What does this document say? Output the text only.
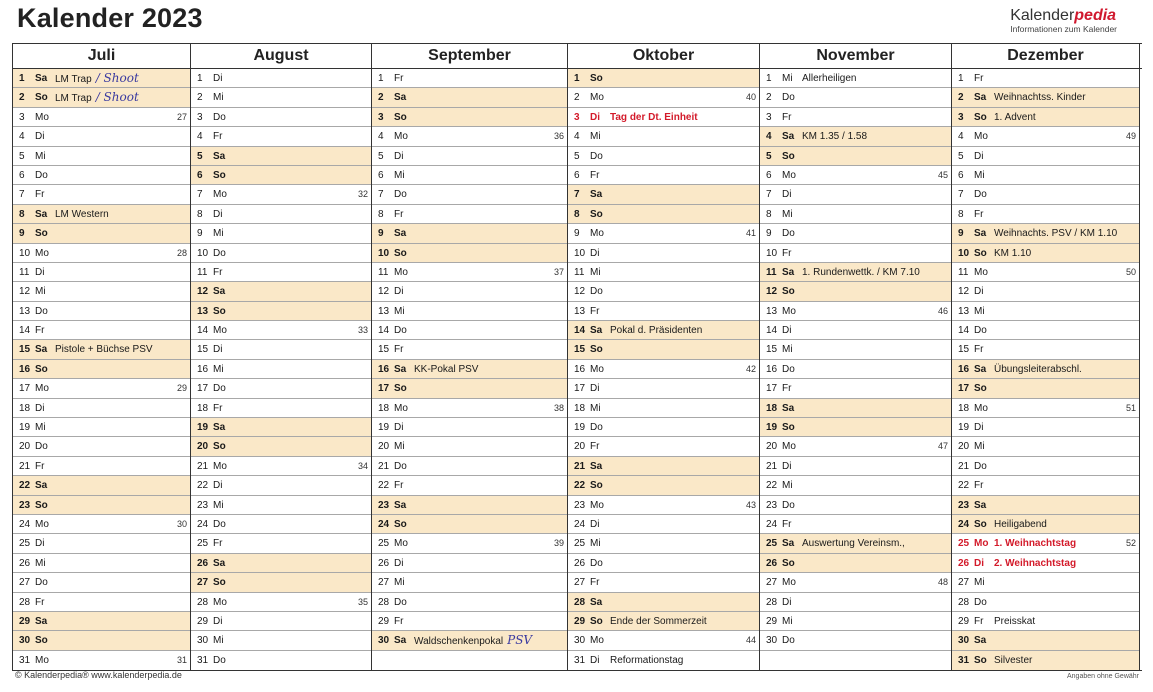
Kalender 2023	Kalenderpedia
Informationen zum Kalender
Juli	August	September	Oktober	November	Dezember
1 Sa LM Trap / Shoot
2 So LM Trap / Shoot
3 Mo	27
4 Di
5 Mi
6 Do
7 Fr
8 Sa LM Western
9 So
10 Mo	28
11 Di
12 Mi
13 Do
14 Fr
15 Sa Pistole + Büchse PSV
16 So
17 Mo	29
18 Di
19 Mi
20 Do
21 Fr
22 Sa
23 So
24 Mo	30
25 Di
26 Mi
27 Do
28 Fr
29 Sa
30 So
31 Mo	31
1 Di
2 Mi
3 Do
4 Fr
5 Sa
6 So
7 Mo	32
8 Di
9 Mi
10 Do
11 Fr
12 Sa
13 So
14 Mo	33
15 Di
16 Mi
17 Do
18 Fr
19 Sa
20 So
21 Mo	34
22 Di
23 Mi
24 Do
25 Fr
26 Sa
27 So
28 Mo	35
29 Di
30 Mi
31 Do
1 Fr
2 Sa
3 So
4 Mo	36
5 Di
6 Mi
7 Do
8 Fr
9 Sa
10 So
11 Mo	37
12 Di
13 Mi
14 Do
15 Fr
16 Sa KK-Pokal PSV
17 So
18 Mo	38
19 Di
20 Mi
21 Do
22 Fr
23 Sa
24 So
25 Mo	39
26 Di
27 Mi
28 Do
29 Fr
30 Sa Waldschenkenpokal PSV
1 So
2 Mo	40
3 Di Tag der Dt. Einheit
4 Mi
5 Do
6 Fr
7 Sa
8 So
9 Mo	41
10 Di
11 Mi
12 Do
13 Fr
14 Sa Pokal d. Präsidenten
15 So
16 Mo	42
17 Di
18 Mi
19 Do
20 Fr
21 Sa
22 So
23 Mo	43
24 Di
25 Mi
26 Do
27 Fr
28 Sa
29 So Ende der Sommerzeit
30 Mo	44
31 Di Reformationstag
1 Mi Allerheiligen
2 Do
3 Fr
4 Sa KM 1.35 / 1.58
5 So
6 Mo	45
7 Di
8 Mi
9 Do
10 Fr
11 Sa 1. Rundenwettk. / KM 7.10
12 So
13 Mo	46
14 Di
15 Mi
16 Do
17 Fr
18 Sa
19 So
20 Mo	47
21 Di
22 Mi
23 Do
24 Fr
25 Sa Auswertung Vereinsm.,
26 So
27 Mo	48
28 Di
29 Mi
30 Do
1 Fr
2 Sa Weihnachtss. Kinder
3 So 1. Advent
4 Mo	49
5 Di
6 Mi
7 Do
8 Fr
9 Sa Weihnachts. PSV / KM 1.10
10 So KM 1.10
11 Mo	50
12 Di
13 Mi
14 Do
15 Fr
16 Sa Übungsleiterabschl.
17 So
18 Mo	51
19 Di
20 Mi
21 Do
22 Fr
23 Sa
24 So Heiligabend
25 Mo 1. Weihnachtstag	52
26 Di 2. Weihnachtstag
27 Mi
28 Do
29 Fr Preisskat
30 Sa
31 So Silvester
© Kalenderpedia® www.kalenderpedia.de	Angaben ohne Gewähr
